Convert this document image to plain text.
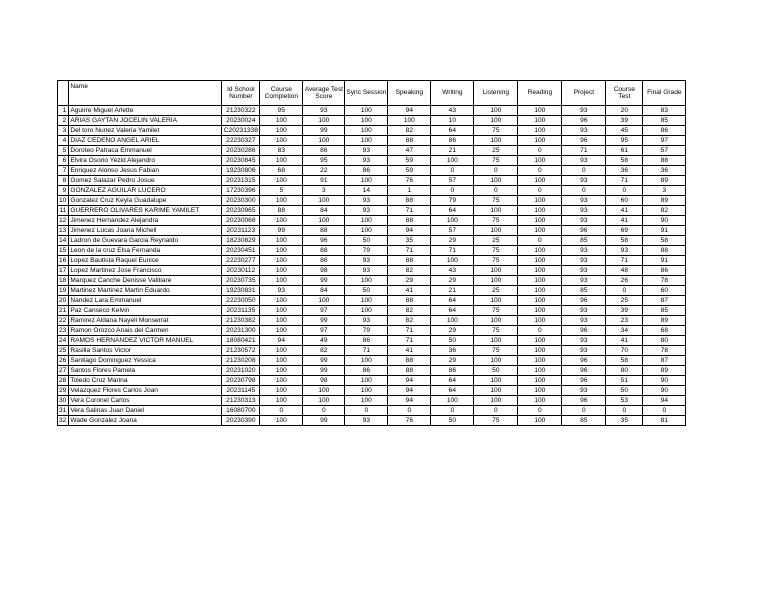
	Name	Id School Number	Course Completion	Average Test Score	Sync Session	Speaking	Writing	Listening	Reading	Project	Course Test	Final Grade
1	Aguirre Miguel Arlette	21230322	95	93	100	94	43	100	100	93	20	83
2	ARIAS GAYTAN JOCELIN VALERIA	20230024	100	100	100	100	10	100	100	96	39	85
3	Del toro Nunez Valeria Yamilet	C20231338	100	99	100	82	64	75	100	93	45	86
4	DIAZ CEDENO ANGEL ARIEL	22230327	100	100	100	88	86	100	100	96	95	97
5	Doroteo Patraca Emmanuel	20230286	83	86	93	47	21	25	0	71	61	57
6	Elvira Osorio Yezid Alejandro	20230845	100	95	93	59	100	75	100	93	58	88
7	Enriquez Alonso Jesus Fabian	19230806	68	22	86	59	0	0	0	0	36	36
8	Gomez Salazar Pedro Josue	20231315	100	91	100	76	57	100	100	93	71	89
9	GONZALEZ AGUILAR LUCERO	17230396	5	3	14	1	0	0	0	0	0	3
10	Gonzalez Cruz Keyla Guadalupe	20230300	100	100	93	88	79	75	100	93	60	89
11	GUERRERO OLIVARES KARIME YAMILET	20230965	88	84	93	71	64	100	100	93	41	82
12	Jimenez Hernandez Alejandra	20230068	100	100	100	88	100	75	100	93	41	90
13	Jimenez Lucas Joana Michell	20231123	99	88	100	94	57	100	100	96	69	91
14	Ladron de Guevara Garcia Reynaldo	18230829	100	96	50	35	29	25	0	85	58	58
15	Leon de la cruz Elsa Fernanda	20230451	100	88	79	71	71	75	100	93	93	88
16	Lopez Bautista Raquel Eunice	22230277	100	86	93	88	100	75	100	93	71	91
17	Lopez Martinez Jose Francisco	20230112	100	98	93	82	43	100	100	93	48	86
18	Marquez Canche Denisse Valitiare	20230735	100	99	100	29	29	100	100	93	26	78
19	Martinez Martinez Martin Eduardo	19230831	93	84	50	41	21	25	100	85	0	60
20	Nandez Lara Emmanuel	22230050	100	100	100	88	64	100	100	96	25	87
21	Paz Canseco Kelvin	20231135	100	97	100	82	64	75	100	93	39	85
22	Ramirez Aldana Nayeli Monserrat	21230382	100	99	93	82	100	100	100	93	23	89
23	Ramon Orozco Anais del Carmen	20231300	100	97	79	71	29	75	0	96	34	68
24	RAMOS HERNANDEZ VICTOR MANUEL	18080421	94	49	86	71	50	100	100	93	41	80
25	Rasilla Santos Victor	21230572	100	82	71	41	36	75	100	93	70	78
26	Santiago Dominguez Yessica	21230208	100	99	100	88	29	100	100	96	58	87
27	Santos Flores Pamela	20231020	100	99	86	88	86	50	100	96	80	89
28	Toledo Cruz Marina	20230798	100	98	100	94	64	100	100	96	51	90
29	Velazquez Flores Carlos Joan	20231145	100	100	100	94	64	100	100	93	50	90
30	Vera Coronel Carlos	21230313	100	100	100	94	100	100	100	96	53	94
31	Vera Salinas Juan Daniel	16080700	0	0	0	0	0	0	0	0	0	0
32	Wade Gonzalez Joana	20230390	100	99	93	76	50	75	100	85	35	81
